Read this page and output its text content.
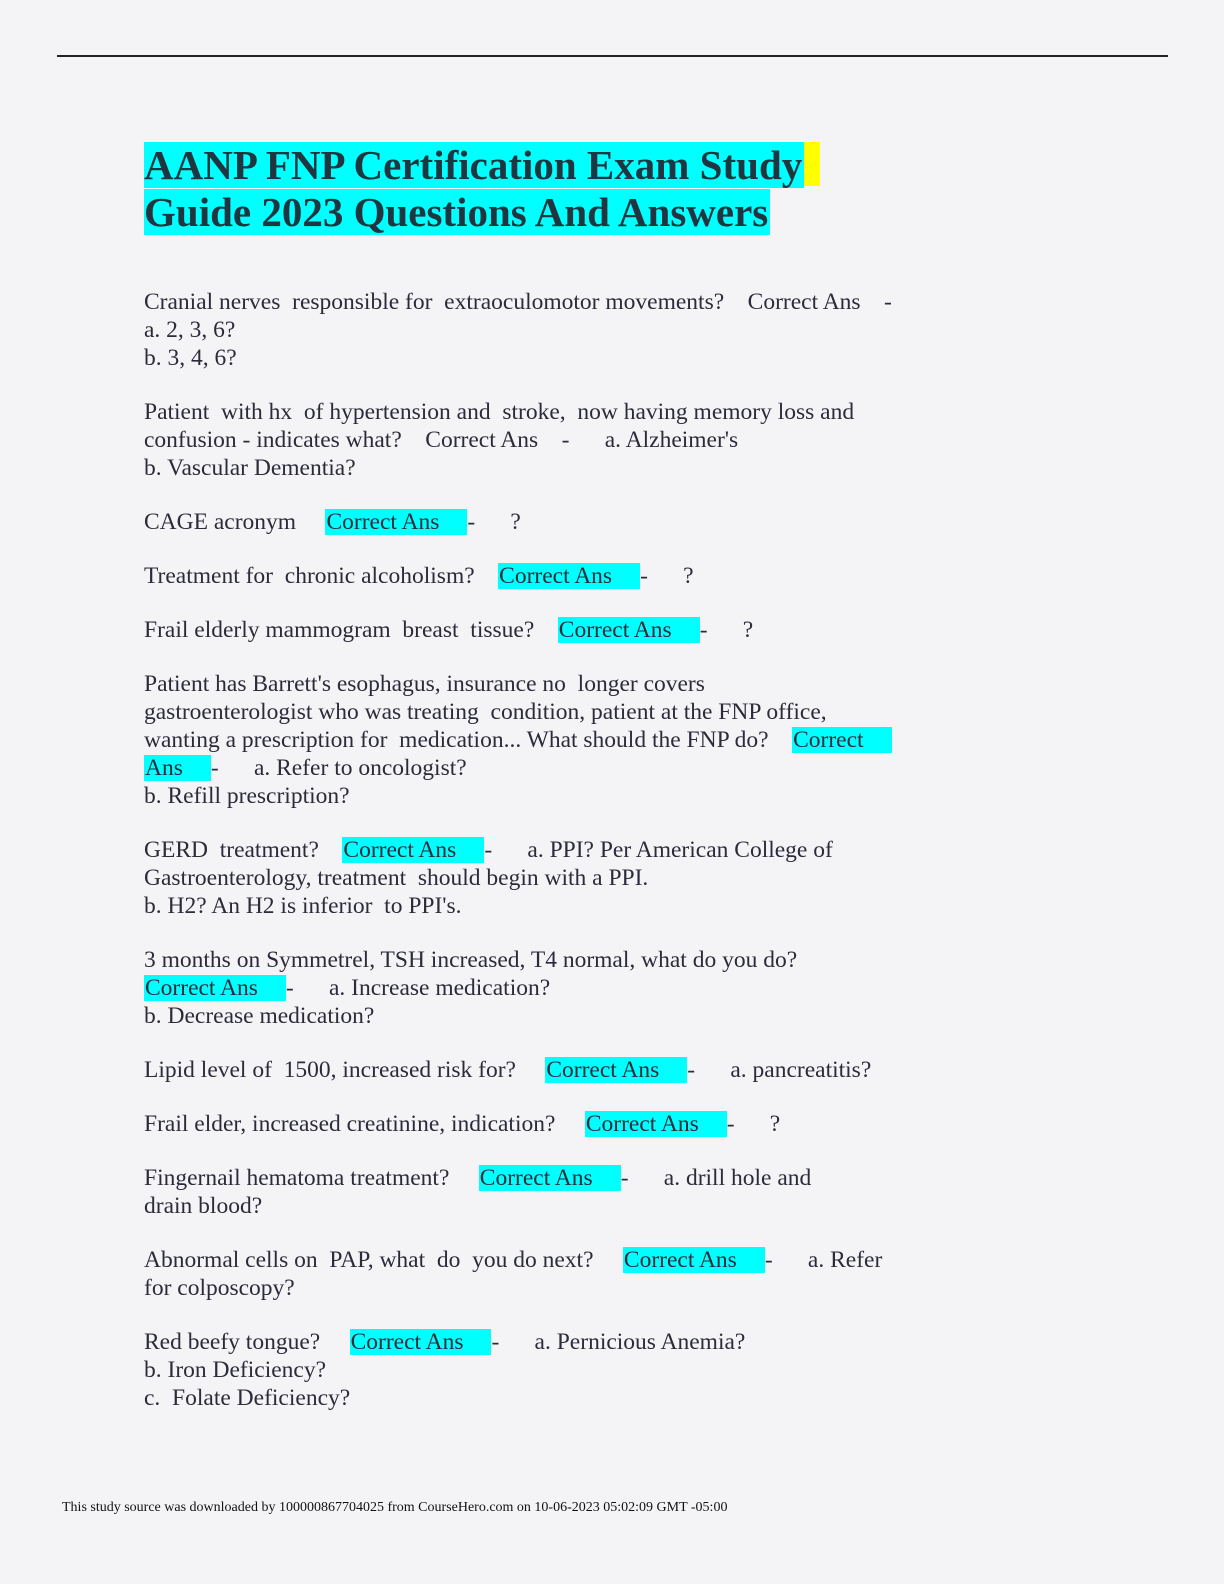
AANP FNP Certification Exam Study
Guide 2023 Questions And Answers

Cranial nerves  responsible for  extraoculomotor movements?    Correct Ans    -

a. 2, 3, 6?

b. 3, 4, 6?

Patient  with hx  of hypertension and  stroke,  now having memory loss and

confusion - indicates what?    Correct Ans    -      a. Alzheimer's

b. Vascular Dementia?

CAGE acronym     Correct Ans -      ?

Treatment for  chronic alcoholism?    Correct Ans -      ?

Frail elderly mammogram  breast  tissue?    Correct Ans -      ?

Patient has Barrett's esophagus, insurance no  longer covers

gastroenterologist who was treating  condition, patient at the FNP office,

wanting a prescription for  medication... What should the FNP do?    Correct

Ans -      a. Refer to oncologist?

b. Refill prescription?

GERD  treatment?    Correct Ans -      a. PPI? Per American College of

Gastroenterology, treatment  should begin with a PPI.

b. H2? An H2 is inferior  to PPI's.

3 months on Symmetrel, TSH increased, T4 normal, what do you do?

Correct Ans -      a. Increase medication?

b. Decrease medication?

Lipid level of  1500, increased risk for?     Correct Ans -      a. pancreatitis?

Frail elder, increased creatinine, indication?     Correct Ans -      ?

Fingernail hematoma treatment?     Correct Ans -      a. drill hole and

drain blood?

Abnormal cells on  PAP, what  do  you do next?     Correct Ans -      a. Refer

for colposcopy?

Red beefy tongue?     Correct Ans -      a. Pernicious Anemia?

b. Iron Deficiency?

c.  Folate Deficiency?

This study source was downloaded by 100000867704025 from CourseHero.com on 10-06-2023 05:02:09 GMT -05:00
